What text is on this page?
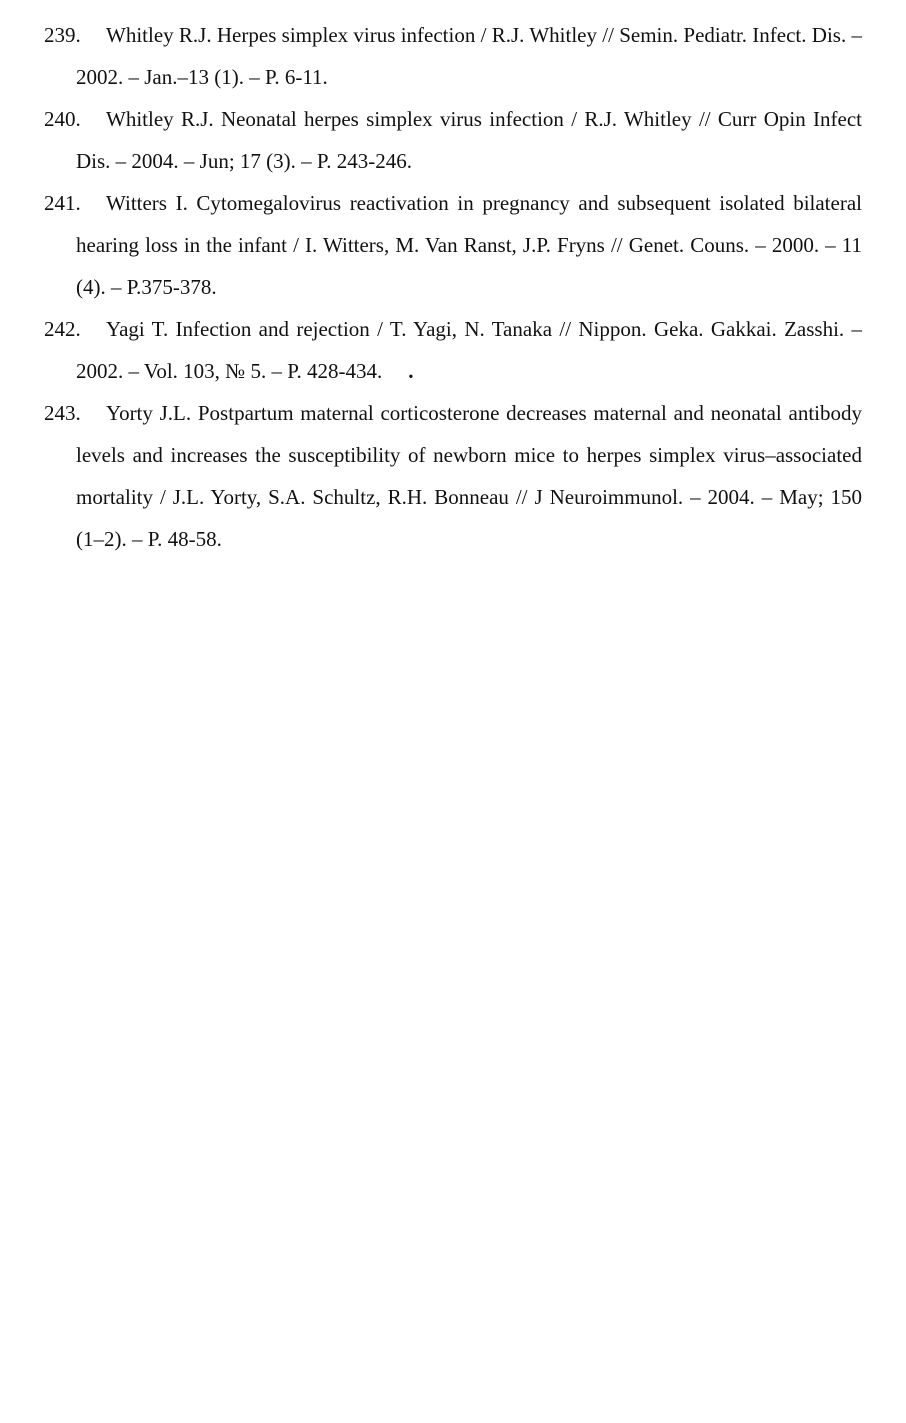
239.	Whitley R.J. Herpes simplex virus infection / R.J. Whitley // Semin. Pediatr. Infect. Dis. – 2002. – Jan.–13 (1). – P. 6-11.
240.	Whitley R.J. Neonatal herpes simplex virus infection / R.J. Whitley // Curr Opin Infect Dis. – 2004. – Jun; 17 (3). – P. 243-246.
241.	Witters I. Cytomegalovirus reactivation in pregnancy and subsequent isolated bilateral hearing loss in the infant / I. Witters, M. Van Ranst, J.P. Fryns // Genet. Couns. – 2000. – 11 (4). – P.375-378.
242.	Yagi T. Infection and rejection / T. Yagi, N. Tanaka // Nippon. Geka. Gakkai. Zasshi. – 2002. – Vol. 103, № 5. – P. 428-434. .
243.	Yorty J.L. Postpartum maternal corticosterone decreases maternal and neonatal antibody levels and increases the susceptibility of newborn mice to herpes simplex virus–associated mortality / J.L. Yorty, S.A. Schultz, R.H. Bonneau // J Neuroimmunol. – 2004. – May; 150 (1–2). – P. 48-58.
